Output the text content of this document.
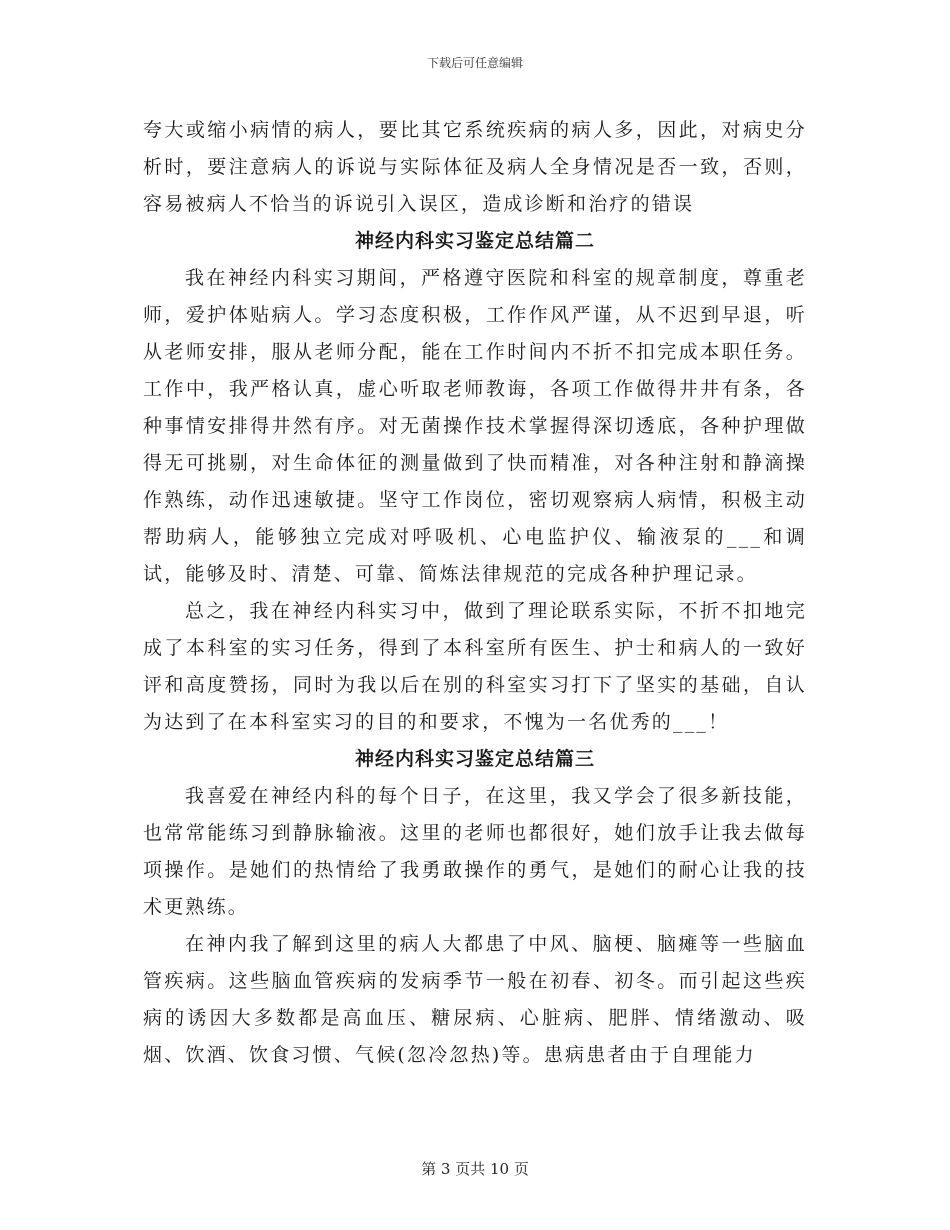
下载后可任意编辑

夸大或缩小病情的病人，要比其它系统疾病的病人多，因此，对病史分析时，要注意病人的诉说与实际体征及病人全身情况是否一致，否则，容易被病人不恰当的诉说引入误区，造成诊断和治疗的错误

神经内科实习鉴定总结篇二

我在神经内科实习期间，严格遵守医院和科室的规章制度，尊重老师，爱护体贴病人。学习态度积极，工作作风严谨，从不迟到早退，听从老师安排，服从老师分配，能在工作时间内不折不扣完成本职任务。工作中，我严格认真，虚心听取老师教诲，各项工作做得井井有条，各种事情安排得井然有序。对无菌操作技术掌握得深切透底，各种护理做得无可挑剔，对生命体征的测量做到了快而精准，对各种注射和静滴操作熟练，动作迅速敏捷。坚守工作岗位，密切观察病人病情，积极主动帮助病人，能够独立完成对呼吸机、心电监护仪、输液泵的___和调试，能够及时、清楚、可靠、简炼法律规范的完成各种护理记录。

总之，我在神经内科实习中，做到了理论联系实际，不折不扣地完成了本科室的实习任务，得到了本科室所有医生、护士和病人的一致好评和高度赞扬，同时为我以后在别的科室实习打下了坚实的基础，自认为达到了在本科室实习的目的和要求，不愧为一名优秀的___！

神经内科实习鉴定总结篇三

我喜爱在神经内科的每个日子，在这里，我又学会了很多新技能，也常常能练习到静脉输液。这里的老师也都很好，她们放手让我去做每项操作。是她们的热情给了我勇敢操作的勇气，是她们的耐心让我的技术更熟练。

在神内我了解到这里的病人大都患了中风、脑梗、脑瘫等一些脑血管疾病。这些脑血管疾病的发病季节一般在初春、初冬。而引起这些疾病的诱因大多数都是高血压、糖尿病、心脏病、肥胖、情绪激动、吸烟、饮酒、饮食习惯、气候(忽冷忽热)等。患病患者由于自理能力

第 3 页共 10 页
